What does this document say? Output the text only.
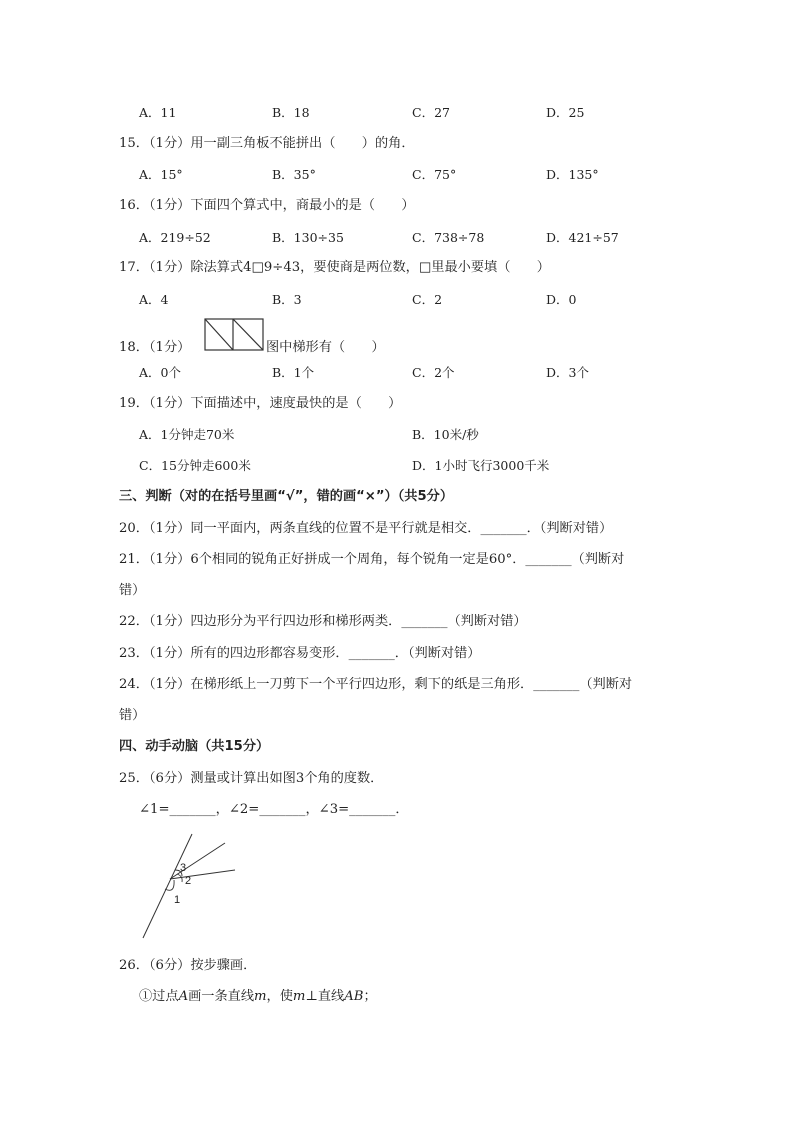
A．11	B．18	C．27	D．25
15．（1分）用一副三角板不能拼出（　　）的角．
A．15°	B．35°	C．75°	D．135°
16．（1分）下面四个算式中，商最小的是（　　）
A．219÷52	B．130÷35	C．738÷78	D．421÷57
17．（1分）除法算式4□9÷43，要使商是两位数，□里最小要填（　　）
A．4	B．3	C．2	D．0
18．（1分）	图中梯形有（　　）
A．0个	B．1个	C．2个	D．3个
19．（1分）下面描述中，速度最快的是（　　）
A．1分钟走70米	B．10米/秒
C．15分钟走600米	D．1小时飞行3000千米
三、判断（对的在括号里画“√”，错的画“×”）（共5分）
20．（1分）同一平面内，两条直线的位置不是平行就是相交．_______．（判断对错）
21．（1分）6个相同的锐角正好拼成一个周角，每个锐角一定是60°．_______（判断对
错）
22．（1分）四边形分为平行四边形和梯形两类．_______（判断对错）
23．（1分）所有的四边形都容易变形．_______．（判断对错）
24．（1分）在梯形纸上一刀剪下一个平行四边形，剩下的纸是三角形．_______（判断对
错）
四、动手动脑（共15分）
25．（6分）测量或计算出如图3个角的度数．
∠1=_______，∠2=_______，∠3=_______．
3
2
1
26．（6分）按步骤画．
①过点A画一条直线m，使m⊥直线AB；
